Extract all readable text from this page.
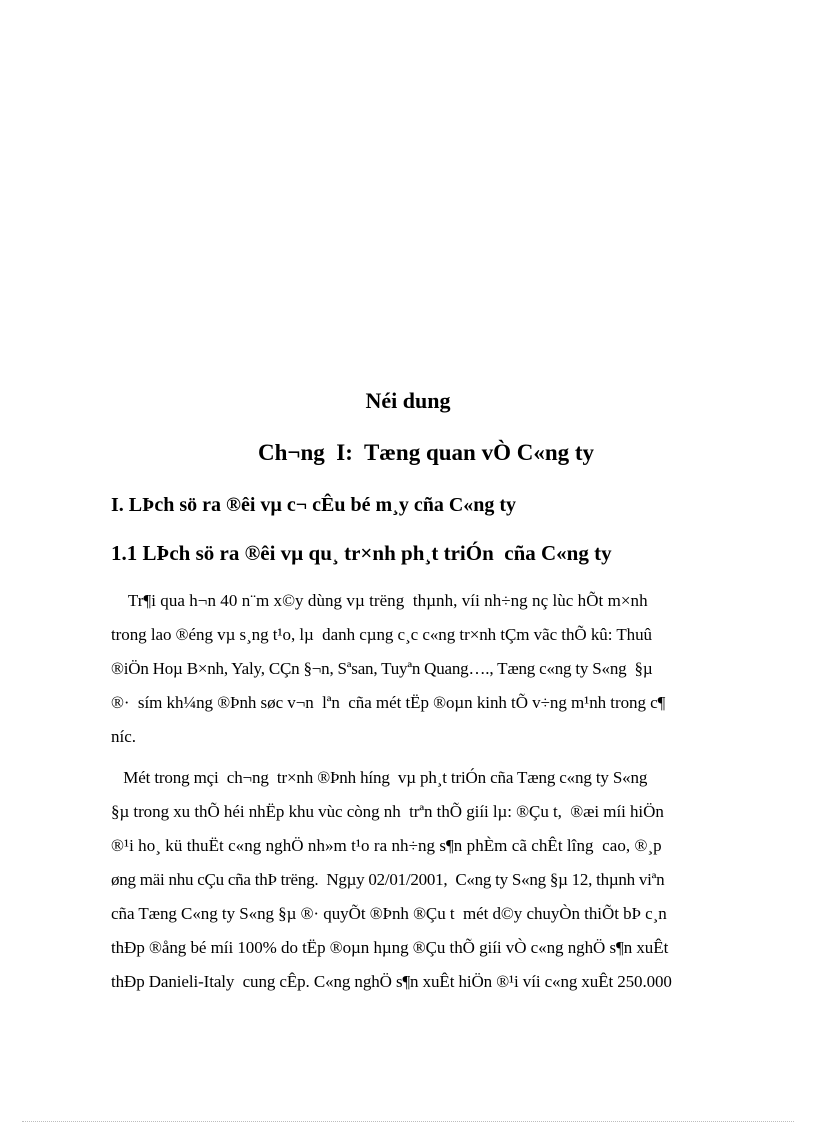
Néi dung
Ch¬ng  I:  Tæng quan vÒ C«ng ty
I. LÞch sö ra ®êi vµ c¬ cÊu bé m¸y cña C«ng ty
1.1 LÞch sö ra ®êi vµ qu¸ tr×nh ph¸t triÓn  cña C«ng ty
Tr¶i qua h¬n 40 n¨m x©y dùng vµ trëng  thµnh, víi nh÷ng nç lùc hÕt m×nh
trong lao ®éng vµ s¸ng t¹o, lµ  danh cµng c¸c c«ng tr×nh tÇm vãc thÕ kû: Thuû
®iÖn Hoµ B×nh, Yaly, CÇn §¬n, Sªsan, Tuyªn Quang…., Tæng c«ng ty S«ng  §µ
®·  sím kh¼ng ®Þnh søc v¬n  lªn  cña mét tËp ®oµn kinh tÕ v÷ng m¹nh trong c¶
níc.
Mét trong mçi  ch¬ng  tr×nh ®Þnh híng  vµ ph¸t triÓn cña Tæng c«ng ty S«ng
§µ trong xu thÕ héi nhËp khu vùc còng nh  trªn thÕ giíi lµ: ®Çu t,  ®æi míi hiÖn
®¹i ho¸ kü thuËt c«ng nghÖ nh»m t¹o ra nh÷ng s¶n phÈm cã chÊt lîng  cao, ®¸p
øng mäi nhu cÇu cña thÞ trëng.  Ngµy 02/01/2001,  C«ng ty S«ng §µ 12, thµnh viªn
cña Tæng C«ng ty S«ng §µ ®· quyÕt ®Þnh ®Çu t  mét d©y chuyÒn thiÕt bÞ c¸n
thÐp ®ång bé míi 100% do tËp ®oµn hµng ®Çu thÕ giíi vÒ c«ng nghÖ s¶n xuÊt
thÐp Danieli-Italy  cung cÊp. C«ng nghÖ s¶n xuÊt hiÖn ®¹i víi c«ng xuÊt 250.000
